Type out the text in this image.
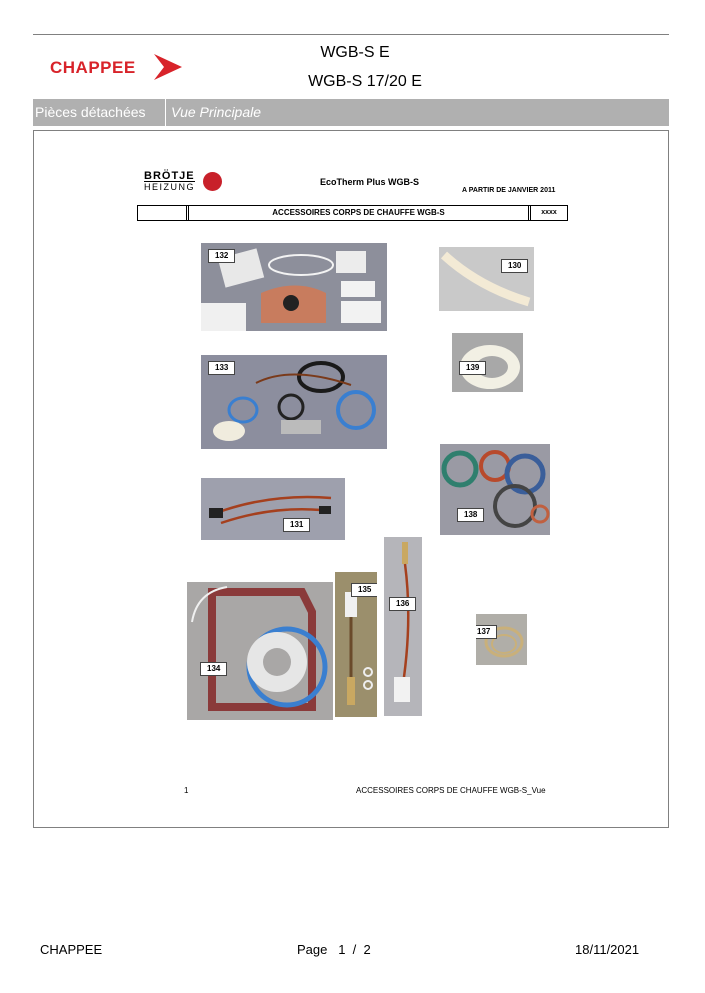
CHAPPEE
WGB-S E
WGB-S 17/20 E
Pièces détachées	Vue Principale
BRÖTJE
HEIZUNG	EcoTherm Plus WGB-S
A PARTIR DE JANVIER 2011
ACCESSOIRES CORPS DE CHAUFFE WGB-S	xxxx
132
130
133	139
138
131
134
135
136
137
1	ACCESSOIRES CORPS DE CHAUFFE WGB-S_Vue
CHAPPEE	Page   1  /  2	18/11/2021
